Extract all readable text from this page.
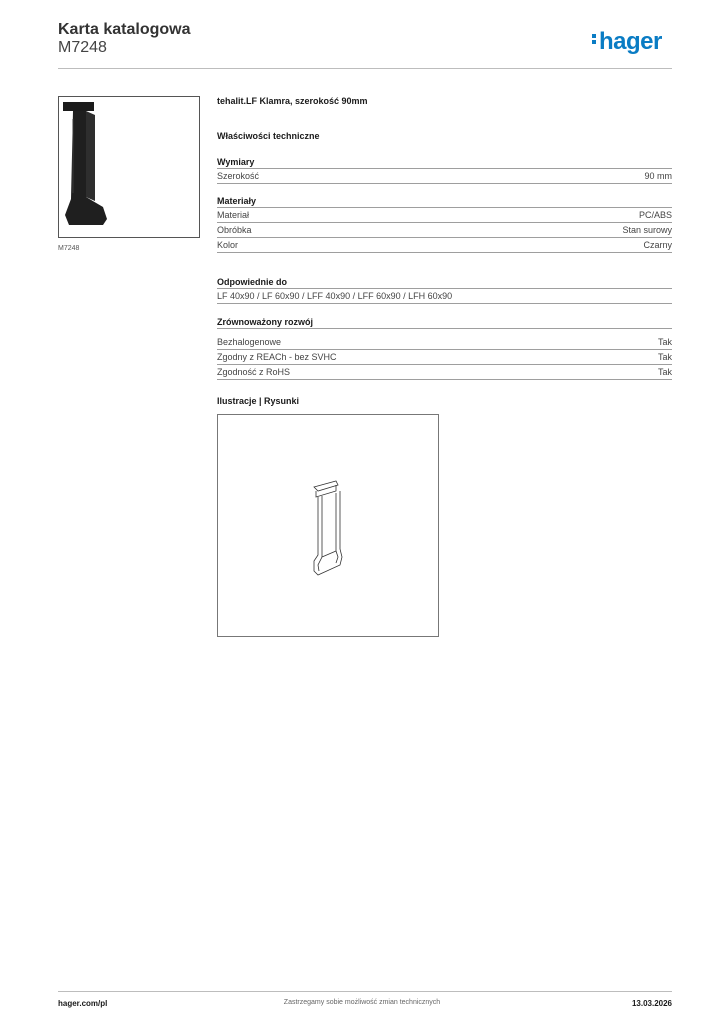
Karta katalogowa
M7248	hager
M7248
tehalit.LF Klamra, szerokość 90mm
Właściwości techniczne
Wymiary
Szerokość	90 mm
Materiały
Materiał	PC/ABS
Obróbka	Stan surowy
Kolor	Czarny
Odpowiednie do
LF 40x90 / LF 60x90 / LFF 40x90 / LFF 60x90 / LFH 60x90
Zrównoważony rozwój
Bezhalogenowe	Tak
Zgodny z REACh - bez SVHC	Tak
Zgodność z RoHS	Tak
Ilustracje | Rysunki
hager.com/pl	Zastrzegamy sobie możliwość zmian technicznych	13.03.2026
